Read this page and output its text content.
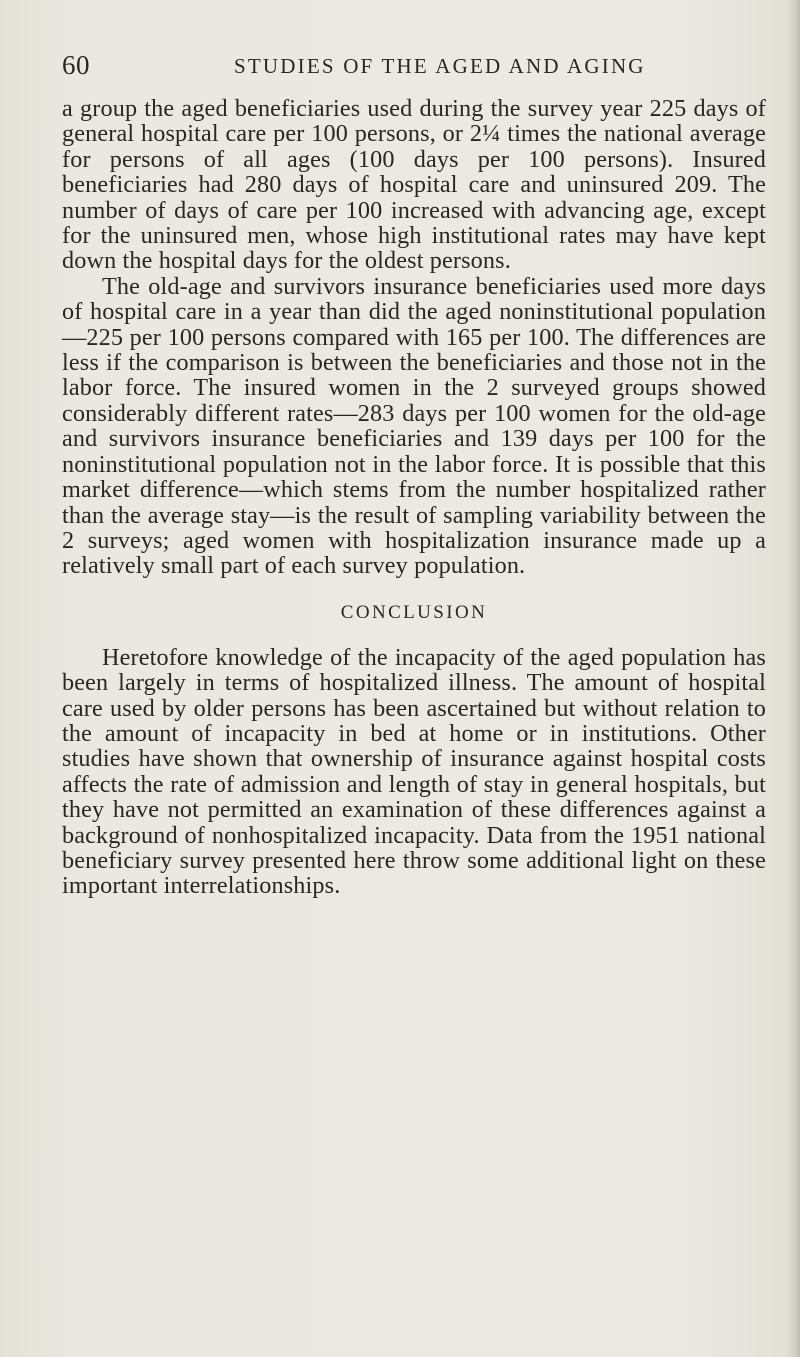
60	STUDIES OF THE AGED AND AGING

a group the aged beneficiaries used during the survey year 225 days of general hospital care per 100 persons, or 2¼ times the national average for persons of all ages (100 days per 100 persons). Insured beneficiaries had 280 days of hospital care and uninsured 209. The number of days of care per 100 increased with advancing age, except for the uninsured men, whose high institutional rates may have kept down the hospital days for the oldest persons.

The old-age and survivors insurance beneficiaries used more days of hospital care in a year than did the aged noninstitutional population—225 per 100 persons compared with 165 per 100. The differences are less if the comparison is between the beneficiaries and those not in the labor force. The insured women in the 2 surveyed groups showed considerably different rates—283 days per 100 women for the old-age and survivors insurance beneficiaries and 139 days per 100 for the noninstitutional population not in the labor force. It is possible that this market difference—which stems from the number hospitalized rather than the average stay—is the result of sampling variability between the 2 surveys; aged women with hospitalization insurance made up a relatively small part of each survey population.

CONCLUSION

Heretofore knowledge of the incapacity of the aged population has been largely in terms of hospitalized illness. The amount of hospital care used by older persons has been ascertained but without relation to the amount of incapacity in bed at home or in institutions. Other studies have shown that ownership of insurance against hospital costs affects the rate of admission and length of stay in general hospitals, but they have not permitted an examination of these differences against a background of nonhospitalized incapacity. Data from the 1951 national beneficiary survey presented here throw some additional light on these important interrelationships.
